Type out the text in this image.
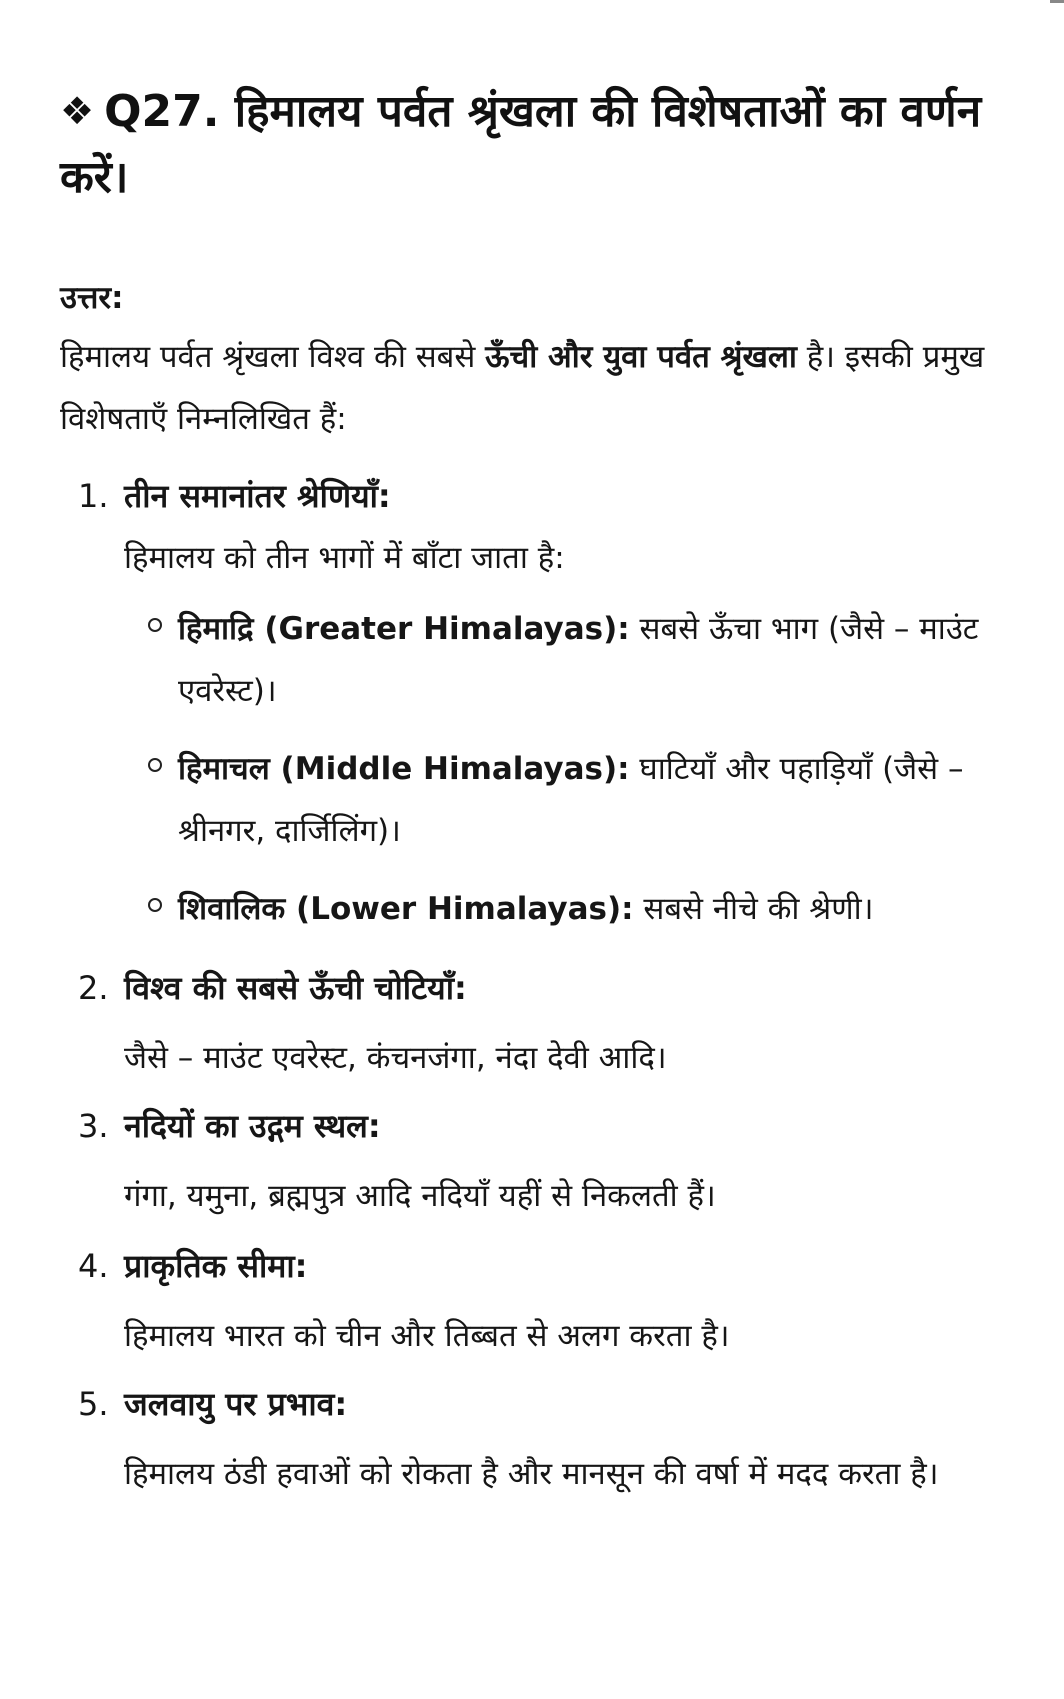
❖ Q27. हिमालय पर्वत श्रृंखला की विशेषताओं का वर्णन करें।
उत्तर:
हिमालय पर्वत श्रृंखला विश्व की सबसे ऊँची और युवा पर्वत श्रृंखला है। इसकी प्रमुख विशेषताएँ निम्नलिखित हैं:
1. तीन समानांतर श्रेणियाँ:
हिमालय को तीन भागों में बाँटा जाता है:
हिमाद्रि (Greater Himalayas): सबसे ऊँचा भाग (जैसे – माउंट एवरेस्ट)।
हिमाचल (Middle Himalayas): घाटियाँ और पहाड़ियाँ (जैसे – श्रीनगर, दार्जिलिंग)।
शिवालिक (Lower Himalayas): सबसे नीचे की श्रेणी।
2. विश्व की सबसे ऊँची चोटियाँ:
जैसे – माउंट एवरेस्ट, कंचनजंगा, नंदा देवी आदि।
3. नदियों का उद्गम स्थल:
गंगा, यमुना, ब्रह्मपुत्र आदि नदियाँ यहीं से निकलती हैं।
4. प्राकृतिक सीमा:
हिमालय भारत को चीन और तिब्बत से अलग करता है।
5. जलवायु पर प्रभाव:
हिमालय ठंडी हवाओं को रोकता है और मानसून की वर्षा में मदद करता है।
